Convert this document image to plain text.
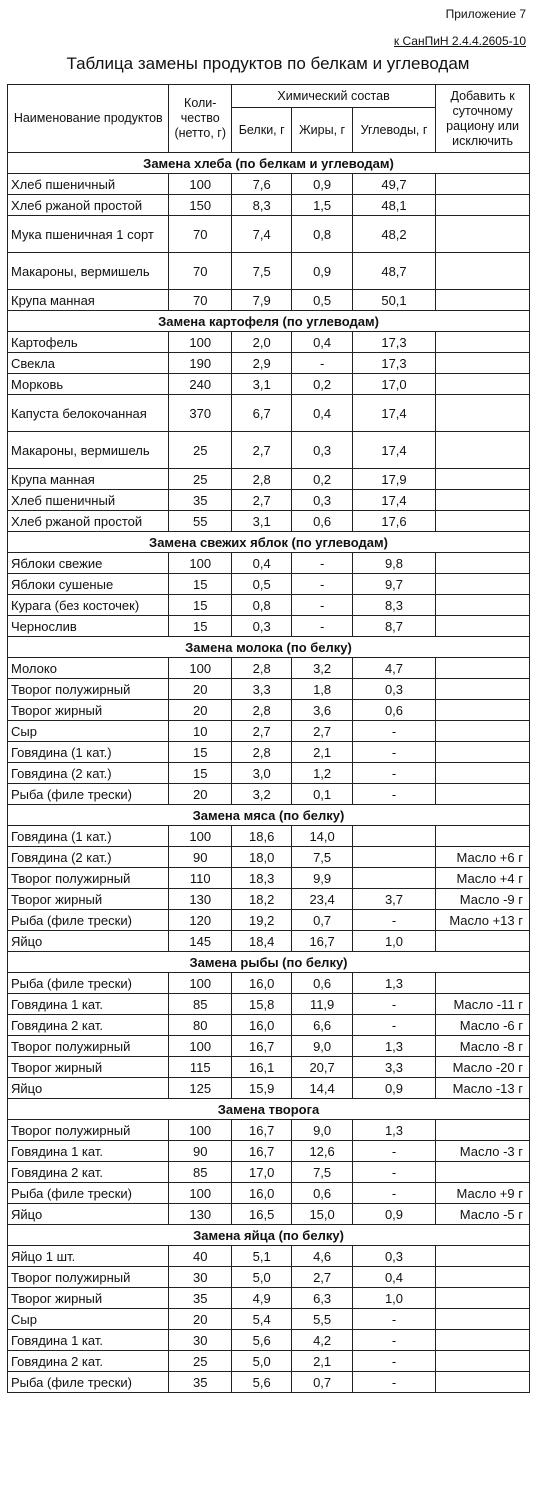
Приложение 7
к СанПиН 2.4.4.2605-10
Таблица замены продуктов по белкам и углеводам
Наименование продуктов	Коли-чество (нетто, г)	Химический состав			Добавить к суточному рациону или исключить
		Белки, г	Жиры, г	Углеводы, г	
Замена хлеба (по белкам и углеводам)					
Хлеб пшеничный	100	7,6	0,9	49,7	
Хлеб ржаной простой	150	8,3	1,5	48,1	
Мука пшеничная 1 сорт	70	7,4	0,8	48,2	
Макароны, вермишель	70	7,5	0,9	48,7	
Крупа манная	70	7,9	0,5	50,1	
Замена картофеля (по углеводам)					
Картофель	100	2,0	0,4	17,3	
Свекла	190	2,9	-	17,3	
Морковь	240	3,1	0,2	17,0	
Капуста белокочанная	370	6,7	0,4	17,4	
Макароны, вермишель	25	2,7	0,3	17,4	
Крупа манная	25	2,8	0,2	17,9	
Хлеб пшеничный	35	2,7	0,3	17,4	
Хлеб ржаной простой	55	3,1	0,6	17,6	
Замена свежих яблок (по углеводам)					
Яблоки свежие	100	0,4	-	9,8	
Яблоки сушеные	15	0,5	-	9,7	
Курага (без косточек)	15	0,8	-	8,3	
Чернослив	15	0,3	-	8,7	
Замена молока (по белку)					
Молоко	100	2,8	3,2	4,7	
Творог полужирный	20	3,3	1,8	0,3	
Творог жирный	20	2,8	3,6	0,6	
Сыр	10	2,7	2,7	-	
Говядина (1 кат.)	15	2,8	2,1	-	
Говядина (2 кат.)	15	3,0	1,2	-	
Рыба (филе трески)	20	3,2	0,1	-	
Замена мяса (по белку)					
Говядина (1 кат.)	100	18,6	14,0		
Говядина (2 кат.)	90	18,0	7,5		Масло +6 г
Творог полужирный	110	18,3	9,9		Масло +4 г
Творог жирный	130	18,2	23,4	3,7	Масло -9 г
Рыба (филе трески)	120	19,2	0,7	-	Масло +13 г
Яйцо	145	18,4	16,7	1,0	
Замена рыбы (по белку)					
Рыба (филе трески)	100	16,0	0,6	1,3	
Говядина 1 кат.	85	15,8	11,9	-	Масло -11 г
Говядина 2 кат.	80	16,0	6,6	-	Масло -6 г
Творог полужирный	100	16,7	9,0	1,3	Масло -8 г
Творог жирный	115	16,1	20,7	3,3	Масло -20 г
Яйцо	125	15,9	14,4	0,9	Масло -13 г
Замена творога					
Творог полужирный	100	16,7	9,0	1,3	
Говядина 1 кат.	90	16,7	12,6	-	Масло -3 г
Говядина 2 кат.	85	17,0	7,5	-	
Рыба (филе трески)	100	16,0	0,6	-	Масло +9 г
Яйцо	130	16,5	15,0	0,9	Масло -5 г
Замена яйца (по белку)					
Яйцо 1 шт.	40	5,1	4,6	0,3	
Творог полужирный	30	5,0	2,7	0,4	
Творог жирный	35	4,9	6,3	1,0	
Сыр	20	5,4	5,5	-	
Говядина 1 кат.	30	5,6	4,2	-	
Говядина 2 кат.	25	5,0	2,1	-	
Рыба (филе трески)	35	5,6	0,7	-	
